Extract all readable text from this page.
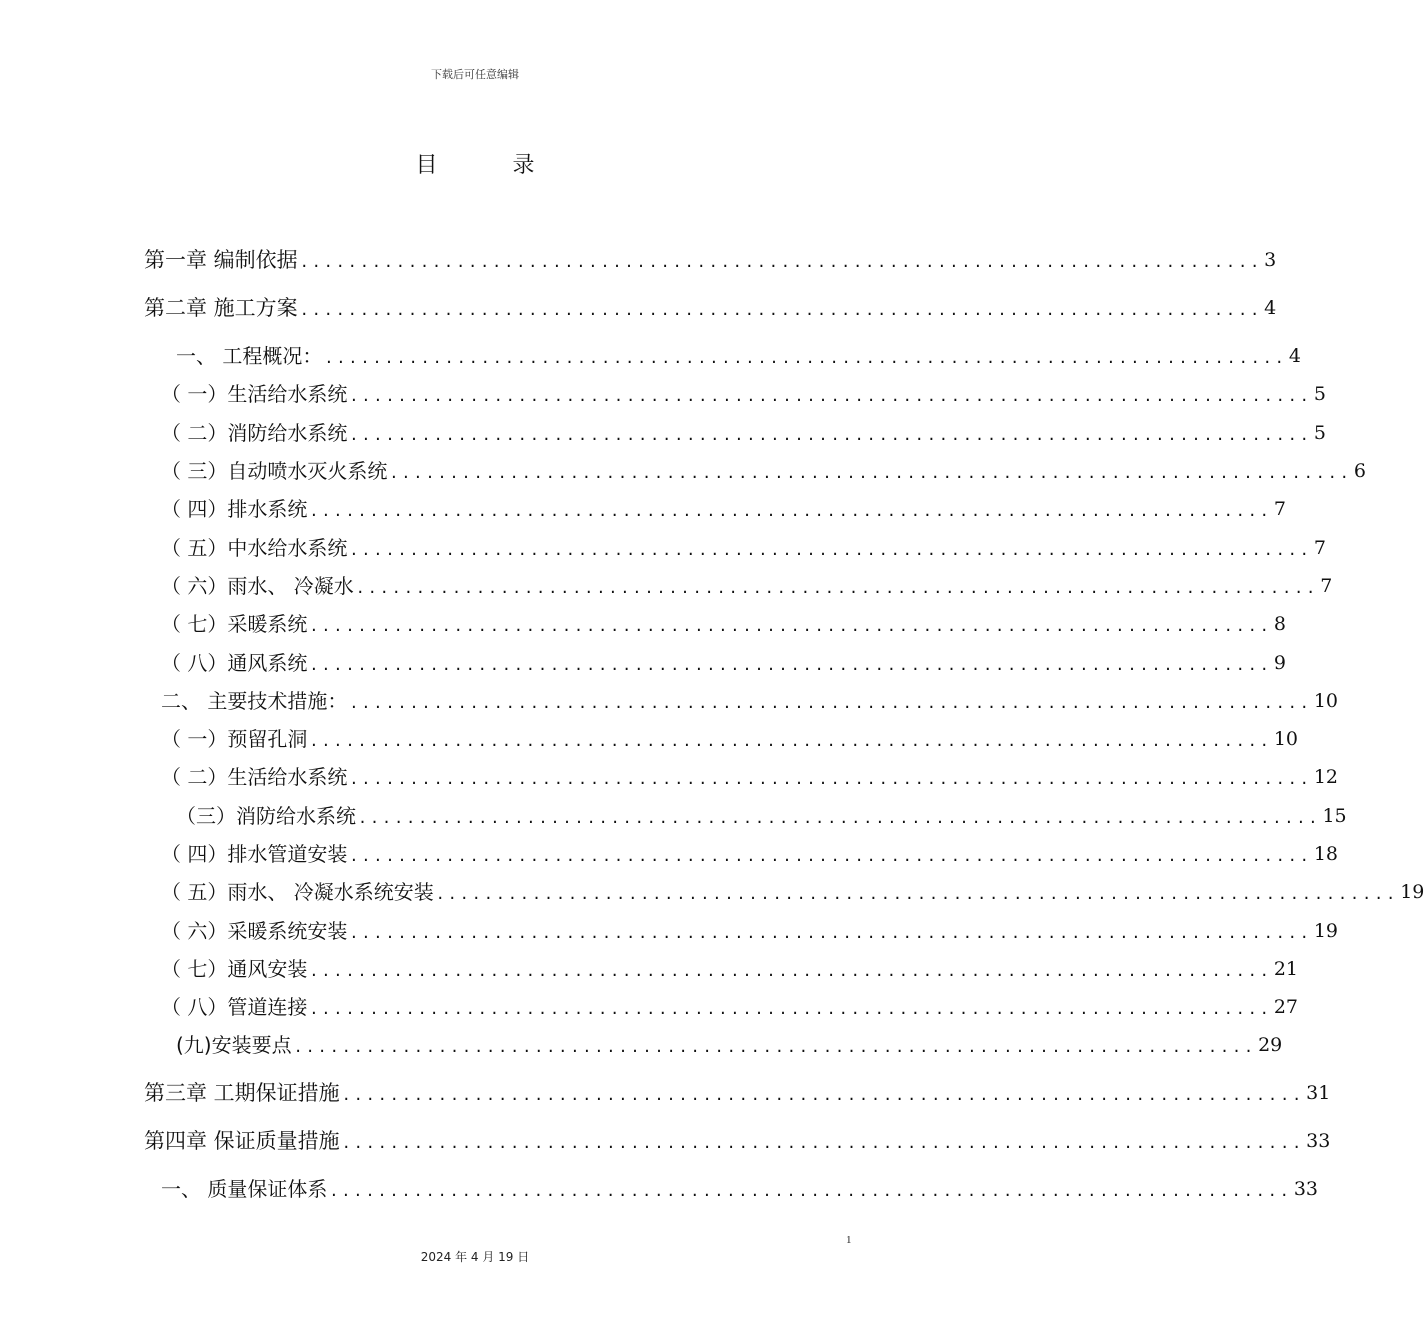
下载后可任意编辑
目 录
第一章 编制依据 ................................................................................ 3
第二章 施工方案 ................................................................................ 4
一、 工程概况： ................................................................................ 4
（ 一）生活给水系统 ................................................................................ 5
（ 二）消防给水系统 ................................................................................ 5
（ 三）自动喷水灭火系统 ................................................................................ 6
（ 四）排水系统 ................................................................................ 7
（ 五）中水给水系统 ................................................................................ 7
（ 六）雨水、 冷凝水 ................................................................................ 7
（ 七）采暖系统 ................................................................................ 8
（ 八）通风系统 ................................................................................ 9
二、 主要技术措施： ................................................................................ 10
（ 一）预留孔洞 ................................................................................ 10
（ 二）生活给水系统 ................................................................................ 12
（三）消防给水系统 ................................................................................ 15
（ 四）排水管道安装 ................................................................................ 18
（ 五）雨水、 冷凝水系统安装 ................................................................................ 19
（ 六）采暖系统安装 ................................................................................ 19
（ 七）通风安装 ................................................................................ 21
（ 八）管道连接 ................................................................................ 27
(九)安装要点 ................................................................................ 29
第三章 工期保证措施 ................................................................................ 31
第四章 保证质量措施 ................................................................................ 33
一、 质量保证体系 ................................................................................ 33
1
2024 年 4 月 19 日
